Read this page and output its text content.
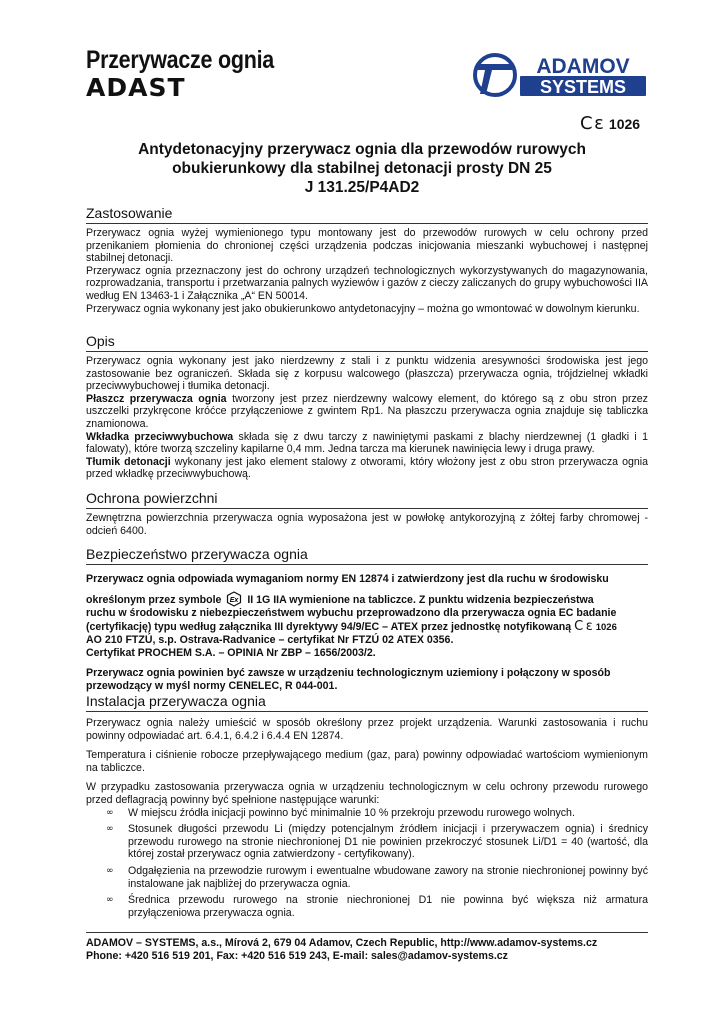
Przerywacze ognia
ADAST
ADAMOV
SYSTEMS
C ε 1026
Antydetonacyjny przerywacz ognia dla przewodów rurowych
obukierunkowy dla stabilnej detonacji prosty DN 25
J 131.25/P4AD2
Zastosowanie

Przerywacz ognia wyżej wymienionego typu montowany jest do przewodów rurowych w celu ochrony przed przenikaniem płomienia do chronionej części urządzenia podczas inicjowania mieszanki wybuchowej i następnej stabilnej detonacji.

Przerywacz ognia przeznaczony jest do ochrony urządzeń technologicznych wykorzystywanych do magazynowania, rozprowadzania, transportu i przetwarzania palnych wyziewów i gazów z cieczy zaliczanych do grupy wybuchowości IIA według EN 13463-1 i Załącznika „A“ EN 50014.

Przerywacz ognia wykonany jest jako obukierunkowo antydetonacyjny – można go wmontować w dowolnym kierunku.

Opis

Przerywacz ognia wykonany jest jako nierdzewny z stali i z punktu widzenia aresywności środowiska jest jego zastosowanie bez ograniczeń. Składa się z korpusu walcowego (płaszcza) przerywacza ognia, trójdzielnej wkładki przeciwwybuchowej i tłumika detonacji.

Płaszcz przerywacza ognia tworzony jest przez nierdzewny walcowy element, do którego są z obu stron przez uszczelki przykręcone króćce przyłączeniowe z gwintem Rp1. Na płaszczu przerywacza ognia znajduje się tabliczka znamionowa.

Wkładka przeciwwybuchowa składa się z dwu tarczy z nawiniętymi paskami z blachy nierdzewnej (1 gładki i 1 falowaty), które tworzą szczeliny kapilarne 0,4 mm. Jedna tarcza ma kierunek nawinięcia lewy i druga prawy.

Tłumik detonacji wykonany jest jako element stalowy z otworami, który włożony jest z obu stron przerywacza ognia przed wkładkę przeciwwybuchową.

Ochrona powierzchni

Zewnętrzna powierzchnia przerywacza ognia wyposażona jest w powłokę antykorozyjną z żółtej farby chromowej - odcień 6400.

Bezpieczeństwo przerywacza ognia

Przerywacz ognia odpowiada wymaganiom normy EN 12874 i zatwierdzony jest dla ruchu w środowisku

określonym przez symbole Ex II 1G IIA wymienione na tabliczce. Z punktu widzenia bezpieczeństwa

ruchu w środowisku z niebezpieczeństwem wybuchu przeprowadzono dla przerywacza ognia EC badanie

(certyfikację) typu według załącznika III dyrektywy 94/9/EC – ATEX przez jednostkę notyfikowaną C ε 1026

AO 210 FTZÚ, s.p. Ostrava-Radvanice – certyfikat Nr FTZÚ 02 ATEX 0356.

Certyfikat PROCHEM S.A. – OPINIA Nr ZBP – 1656/2003/2.

Przerywacz ognia powinien być zawsze w urządzeniu technologicznym uziemiony i połączony w sposób przewodzący w myśl normy CENELEC, R 044-001.

Instalacja przerywacza ognia

Przerywacz ognia należy umieścić w sposób określony przez projekt urządzenia. Warunki zastosowania i ruchu powinny odpowiadać art. 6.4.1, 6.4.2 i 6.4.4 EN 12874.

Temperatura i ciśnienie robocze przepływającego medium (gaz, para) powinny odpowiadać wartościom wymienionym na tabliczce.

W przypadku zastosowania przerywacza ognia w urządzeniu technologicznym w celu ochrony przewodu rurowego przed deflagracją powinny być spełnione następujące warunki:

∞ W miejscu źródła inicjacji powinno być minimalnie 10 % przekroju przewodu rurowego wolnych.
∞ Stosunek długości przewodu Li (między potencjalnym źródłem inicjacji i przerywaczem ognia) i średnicy przewodu rurowego na stronie niechronionej D1 nie powinien przekroczyć stosunek Li/D1 = 40 (wartość, dla której został przerywacz ognia zatwierdzony - certyfikowany).
∞ Odgałęzienia na przewodzie rurowym i ewentualne wbudowane zawory na stronie niechronionej powinny być instalowane jak najbliżej do przerywacza ognia.
∞ Średnica przewodu rurowego na stronie niechronionej D1 nie powinna być większa niż armatura przyłączeniowa przerywacza ognia.
ADAMOV – SYSTEMS, a.s., Mírová 2, 679 04 Adamov, Czech Republic, http://www.adamov-systems.cz
Phone: +420 516 519 201, Fax: +420 516 519 243, E-mail: sales@adamov-systems.cz
